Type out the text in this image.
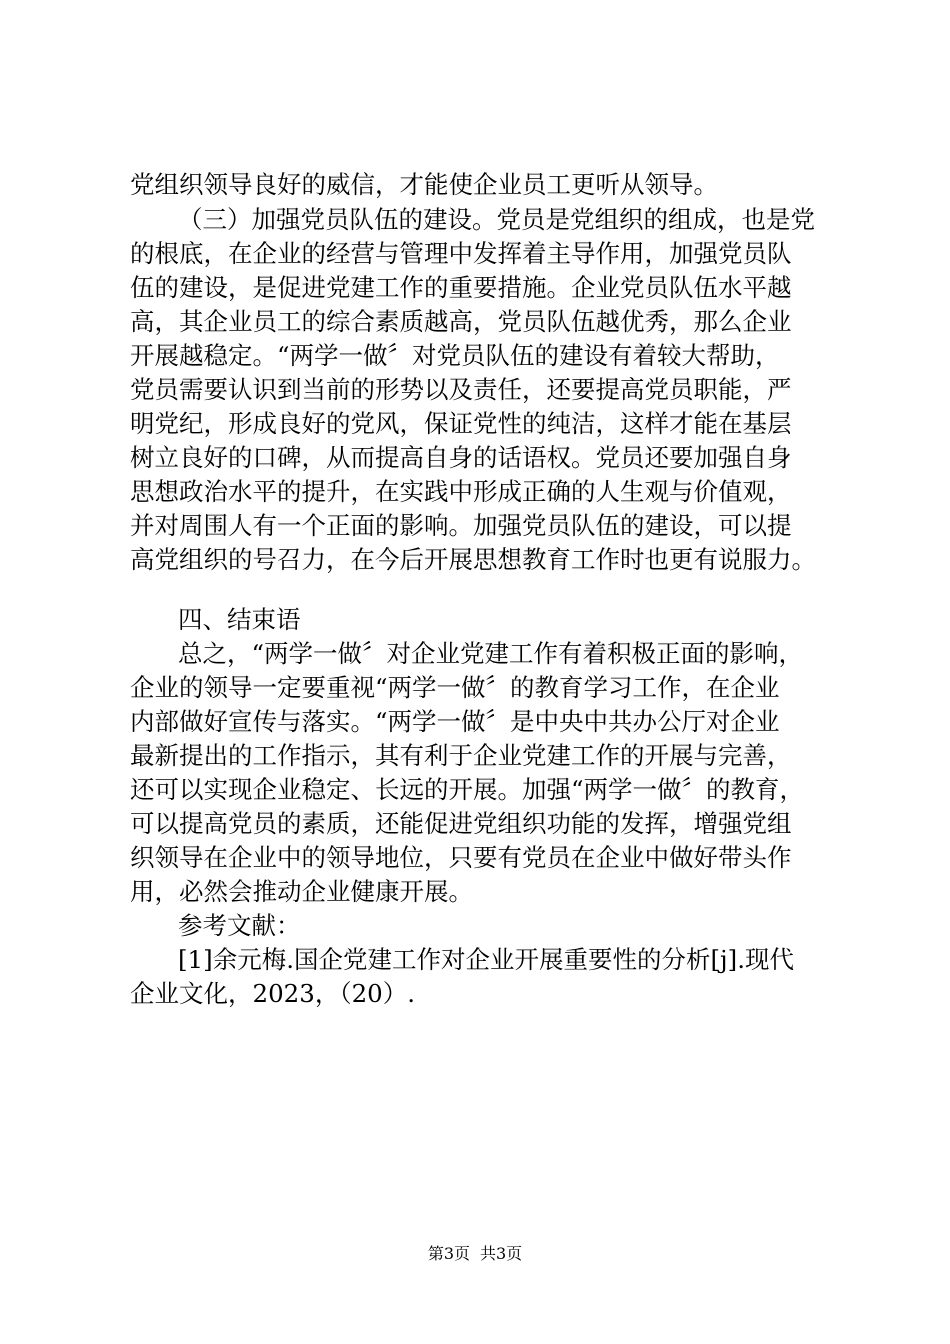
党组织领导良好的威信，才能使企业员工更听从领导。

（三）加强党员队伍的建设。党员是党组织的组成，也是党

的根底，在企业的经营与管理中发挥着主导作用，加强党员队

伍的建设，是促进党建工作的重要措施。企业党员队伍水平越

高，其企业员工的综合素质越高，党员队伍越优秀，那么企业

开展越稳定。“两学一做〞对党员队伍的建设有着较大帮助，

党员需要认识到当前的形势以及责任，还要提高党员职能，严

明党纪，形成良好的党风，保证党性的纯洁，这样才能在基层

树立良好的口碑，从而提高自身的话语权。党员还要加强自身

思想政治水平的提升，在实践中形成正确的人生观与价值观，

并对周围人有一个正面的影响。加强党员队伍的建设，可以提

高党组织的号召力，在今后开展思想教育工作时也更有说服力。

四、结束语

总之，“两学一做〞对企业党建工作有着积极正面的影响，

企业的领导一定要重视“两学一做〞的教育学习工作，在企业

内部做好宣传与落实。“两学一做〞是中央中共办公厅对企业

最新提出的工作指示，其有利于企业党建工作的开展与完善，

还可以实现企业稳定、长远的开展。加强“两学一做〞的教育，

可以提高党员的素质，还能促进党组织功能的发挥，增强党组

织领导在企业中的领导地位，只要有党员在企业中做好带头作

用，必然会推动企业健康开展。

参考文献：

[1]余元梅.国企党建工作对企业开展重要性的分析[j].现代

企业文化，2023，（20）.

第3页 共3页
